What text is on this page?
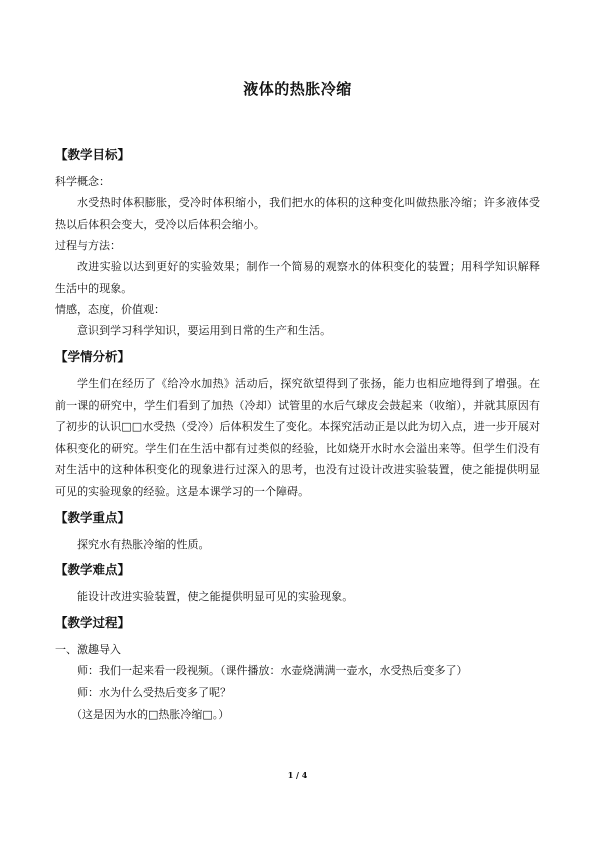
液体的热胀冷缩

【教学目标】

科学概念：

水受热时体积膨胀，受冷时体积缩小，我们把水的体积的这种变化叫做热胀冷缩；许多液体受热以后体积会变大，受冷以后体积会缩小。

过程与方法：

改进实验以达到更好的实验效果；制作一个简易的观察水的体积变化的装置；用科学知识解释生活中的现象。

情感，态度，价值观：

意识到学习科学知识，要运用到日常的生产和生活。

【学情分析】

学生们在经历了《给冷水加热》活动后，探究欲望得到了张扬，能力也相应地得到了增强。在前一课的研究中，学生们看到了加热（冷却）试管里的水后气球皮会鼓起来（收缩），并就其原因有了初步的认识□□水受热（受冷）后体积发生了变化。本探究活动正是以此为切入点，进一步开展对体积变化的研究。学生们在生活中都有过类似的经验，比如烧开水时水会溢出来等。但学生们没有对生活中的这种体积变化的现象进行过深入的思考，也没有过设计改进实验装置，使之能提供明显可见的实验现象的经验。这是本课学习的一个障碍。

【教学重点】

探究水有热胀冷缩的性质。

【教学难点】

能设计改进实验装置，使之能提供明显可见的实验现象。

【教学过程】

一、激趣导入

师：我们一起来看一段视频。（课件播放：水壶烧满满一壶水，水受热后变多了）

师：水为什么受热后变多了呢？

（这是因为水的□热胀冷缩□。）

1 / 4
